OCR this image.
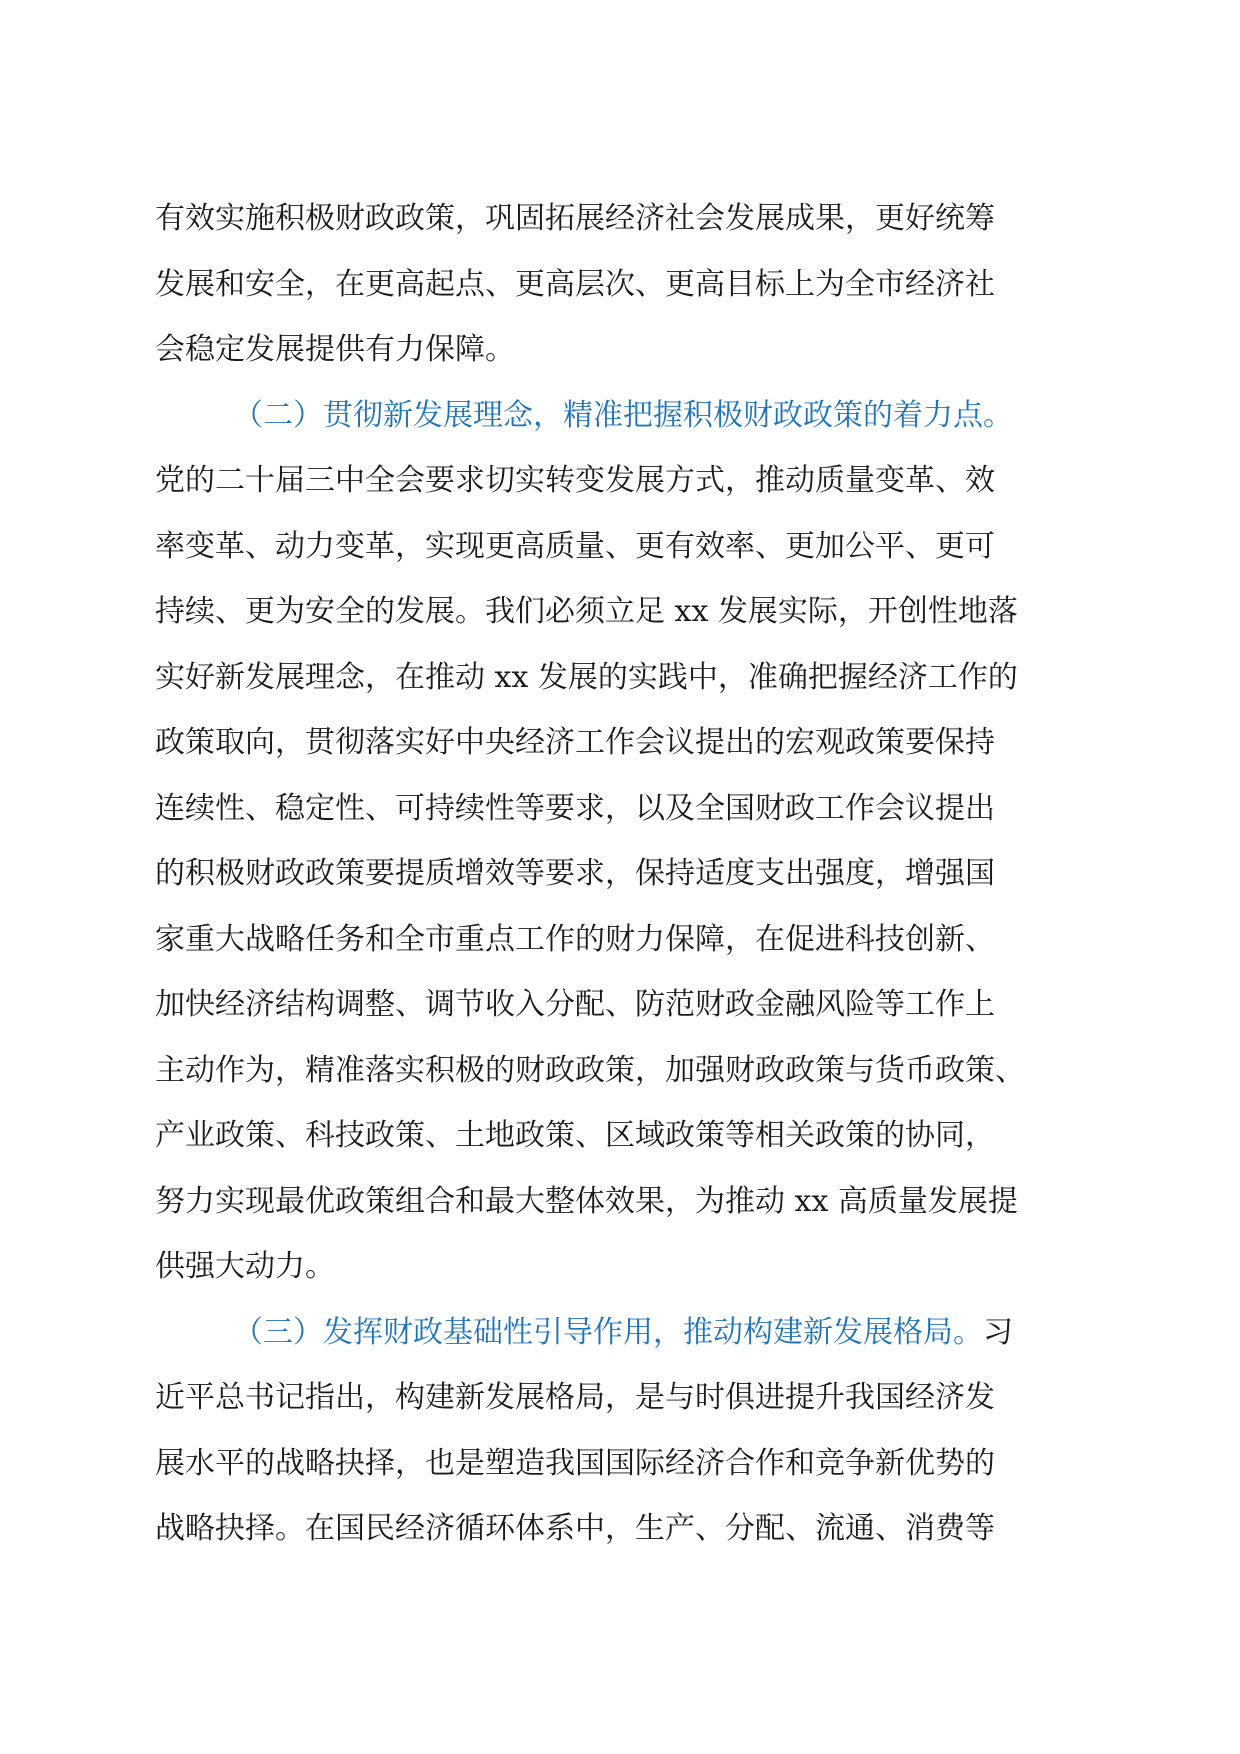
有效实施积极财政政策，巩固拓展经济社会发展成果，更好统筹
发展和安全，在更高起点、更高层次、更高目标上为全市经济社
会稳定发展提供有力保障。
（二）贯彻新发展理念，精准把握积极财政政策的着力点。
党的二十届三中全会要求切实转变发展方式，推动质量变革、效
率变革、动力变革，实现更高质量、更有效率、更加公平、更可
持续、更为安全的发展。我们必须立足 xx 发展实际，开创性地落
实好新发展理念，在推动 xx 发展的实践中，准确把握经济工作的
政策取向，贯彻落实好中央经济工作会议提出的宏观政策要保持
连续性、稳定性、可持续性等要求，以及全国财政工作会议提出
的积极财政政策要提质增效等要求，保持适度支出强度，增强国
家重大战略任务和全市重点工作的财力保障，在促进科技创新、
加快经济结构调整、调节收入分配、防范财政金融风险等工作上
主动作为，精准落实积极的财政政策，加强财政政策与货币政策、
产业政策、科技政策、土地政策、区域政策等相关政策的协同，
努力实现最优政策组合和最大整体效果，为推动 xx 高质量发展提
供强大动力。
（三）发挥财政基础性引导作用，推动构建新发展格局。习
近平总书记指出，构建新发展格局，是与时俱进提升我国经济发
展水平的战略抉择，也是塑造我国国际经济合作和竞争新优势的
战略抉择。在国民经济循环体系中，生产、分配、流通、消费等
